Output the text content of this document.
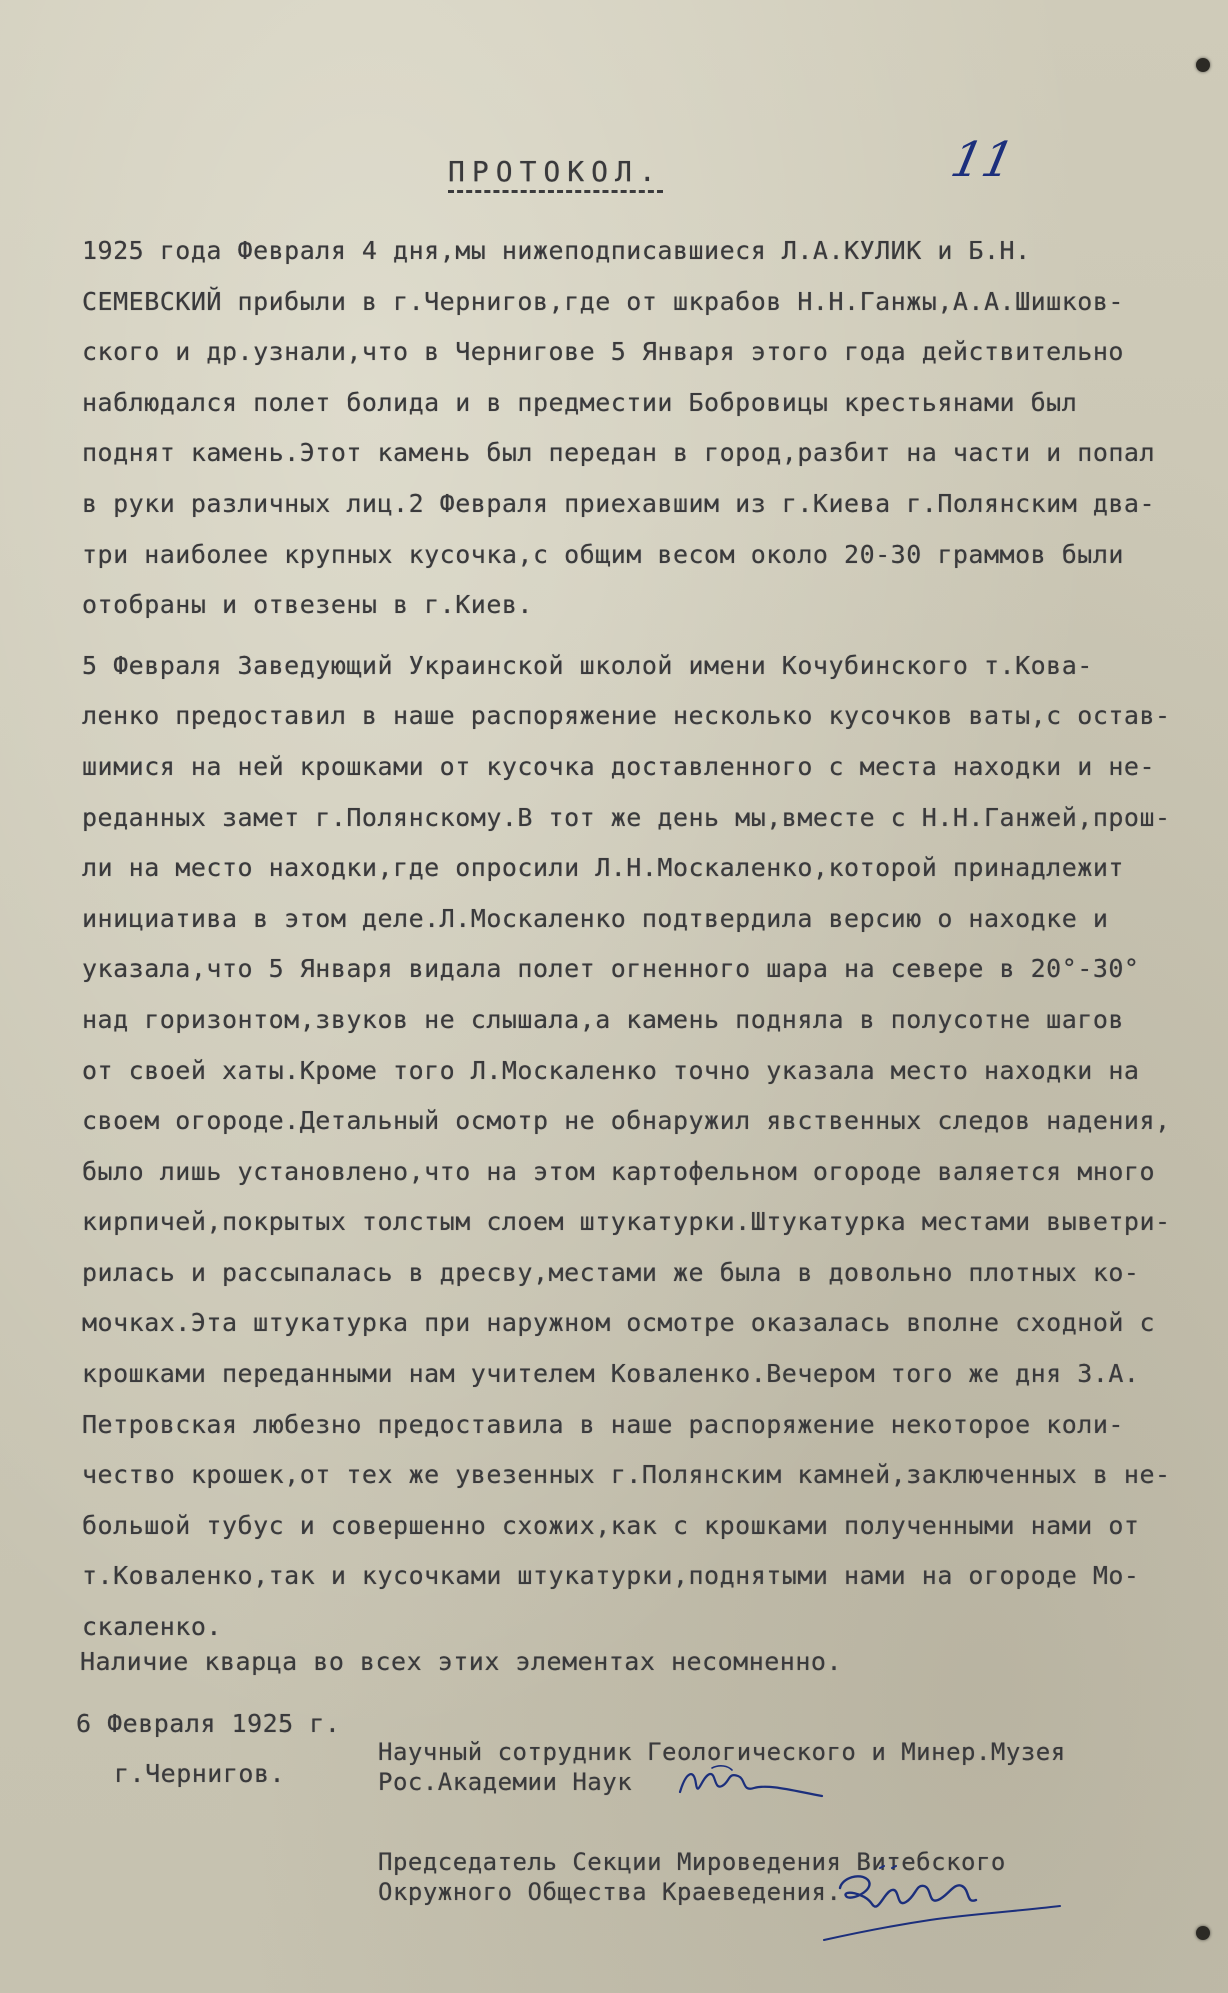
ПРОТОКОЛ.	11
1925 года Февраля 4 дня,мы нижеподписавшиеся Л.А.КУЛИК и Б.Н.
СЕМЕВСКИЙ прибыли в г.Чернигов,где от шкрабов Н.Н.Ганжы,А.А.Шишков-
ского и др.узнали,что в Чернигове 5 Января этого года действительно
наблюдался полет болида и в предместии Бобровицы крестьянами был
поднят камень.Этот камень был передан в город,разбит на части и попал
в руки различных лиц.2 Февраля приехавшим из г.Киева г.Полянским два-
три наиболее крупных кусочка,с общим весом около 20-30 граммов были
отобраны и отвезены в г.Киев.
5 Февраля Заведующий Украинской школой имени Кочубинского т.Кова-
ленко предоставил в наше распоряжение несколько кусочков ваты,с остав-
шимися на ней крошками от кусочка доставленного с места находки и не-
реданных замет г.Полянскому.В тот же день мы,вместе с Н.Н.Ганжей,прош-
ли на место находки,где опросили Л.Н.Москаленко,которой принадлежит
инициатива в этом деле.Л.Москаленко подтвердила версию о находке и
указала,что 5 Января видала полет огненного шара на севере в 20°-30°
над горизонтом,звуков не слышала,а камень подняла в полусотне шагов
от своей хаты.Кроме того Л.Москаленко точно указала место находки на
своем огороде.Детальный осмотр не обнаружил явственных следов надения,
было лишь установлено,что на этом картофельном огороде валяется много
кирпичей,покрытых толстым слоем штукатурки.Штукатурка местами выветри-
рилась и рассыпалась в дресву,местами же была в довольно плотных ко-
мочках.Эта штукатурка при наружном осмотре оказалась вполне сходной с
крошками переданными нам учителем Коваленко.Вечером того же дня З.А.
Петровская любезно предоставила в наше распоряжение некоторое коли-
чество крошек,от тех же увезенных г.Полянским камней,заключенных в не-
большой тубус и совершенно схожих,как с крошками полученными нами от
т.Коваленко,так и кусочками штукатурки,поднятыми нами на огороде Мо-
скаленко.
Наличие кварца во всех этих элементах несомненно.
6 Февраля 1925 г.
г.Чернигов.
Научный сотрудник Геологического и Минер.Музея
Рос.Академии Наук
Председатель Секции Мироведения Витебского
Окружного Общества Краеведения.
